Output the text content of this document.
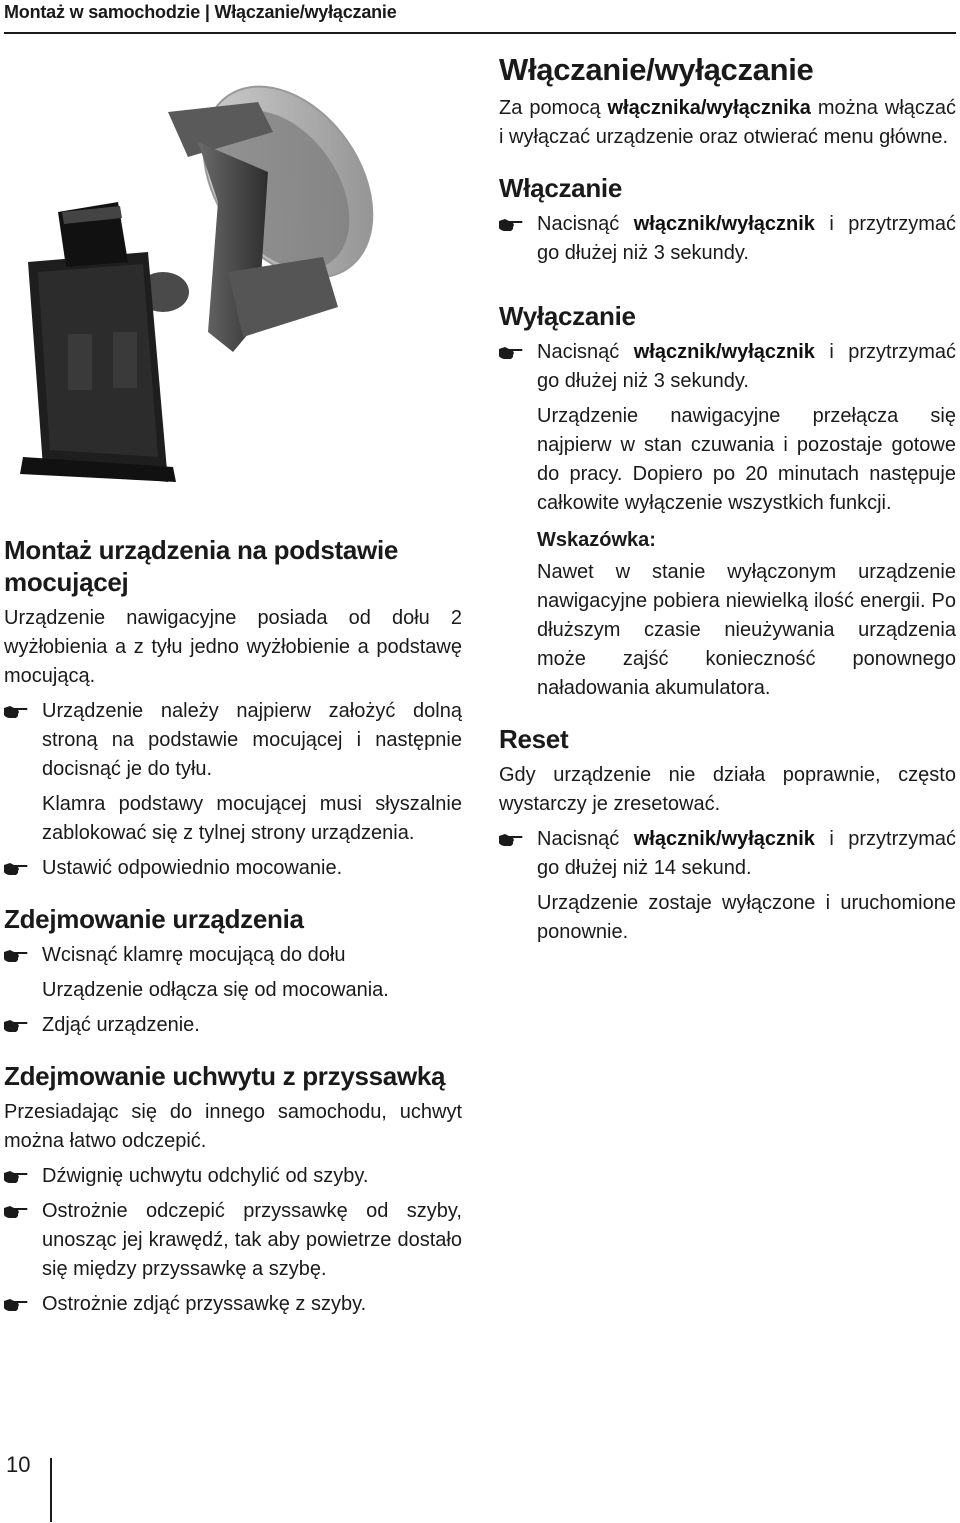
Montaż w samochodzie | Włączanie/wyłączanie
Montaż urządzenia na podstawie mocującej

Urządzenie nawigacyjne posiada od dołu 2 wyżłobienia a z tyłu jedno wyżłobienie a podstawę mocującą.

Urządzenie należy najpierw założyć dolną stroną na podstawie mocującej i następnie docisnąć je do tyłu.
Klamra podstawy mocującej musi słyszalnie zablokować się z tylnej strony urządzenia.
Ustawić odpowiednio mocowanie.
Zdejmowanie urządzenia
Wcisnąć klamrę mocującą do dołu
Urządzenie odłącza się od mocowania.
Zdjąć urządzenie.
Zdejmowanie uchwytu z przyssawką

Przesiadając się do innego samochodu, uchwyt można łatwo odczepić.

Dźwignię uchwytu odchylić od szyby.
Ostrożnie odczepić przyssawkę od szyby, unosząc jej krawędź, tak aby powietrze dostało się między przyssawkę a szybę.
Ostrożnie zdjąć przyssawkę z szyby.
Włączanie/wyłączanie

Za pomocą włącznika/wyłącznika można włączać i wyłączać urządzenie oraz otwierać menu główne.

Włączanie
Nacisnąć włącznik/wyłącznik i przytrzymać go dłużej niż 3 sekundy.
Wyłączanie
Nacisnąć włącznik/wyłącznik i przytrzymać go dłużej niż 3 sekundy.
Urządzenie nawigacyjne przełącza się najpierw w stan czuwania i pozostaje gotowe do pracy. Dopiero po 20 minutach następuje całkowite wyłączenie wszystkich funkcji.
Wskazówka:
Nawet w stanie wyłączonym urządzenie nawigacyjne pobiera niewielką ilość energii. Po dłuższym czasie nieużywania urządzenia może zajść konieczność ponownego naładowania akumulatora.
Reset

Gdy urządzenie nie działa poprawnie, często wystarczy je zresetować.

Nacisnąć włącznik/wyłącznik i przytrzymać go dłużej niż 14 sekund.
Urządzenie zostaje wyłączone i uruchomione ponownie.
10
